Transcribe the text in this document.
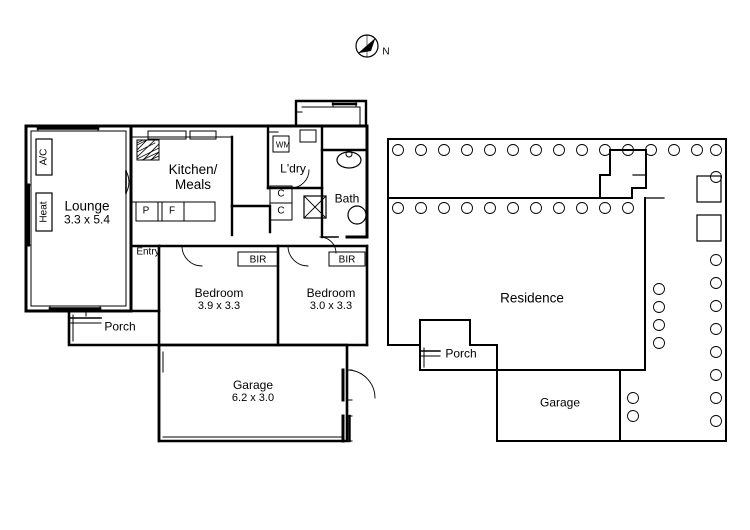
Lounge
3.3 x 5.4
Kitchen/
Meals
L'dry
Bath
Entry
Porch
Bedroom
3.9 x 3.3
Bedroom
3.0 x 3.3
Garage
6.2 x 3.0
A/C
Heat	P F
WM
C
C
BIR	BIR
Residence
Porch
Garage
N
